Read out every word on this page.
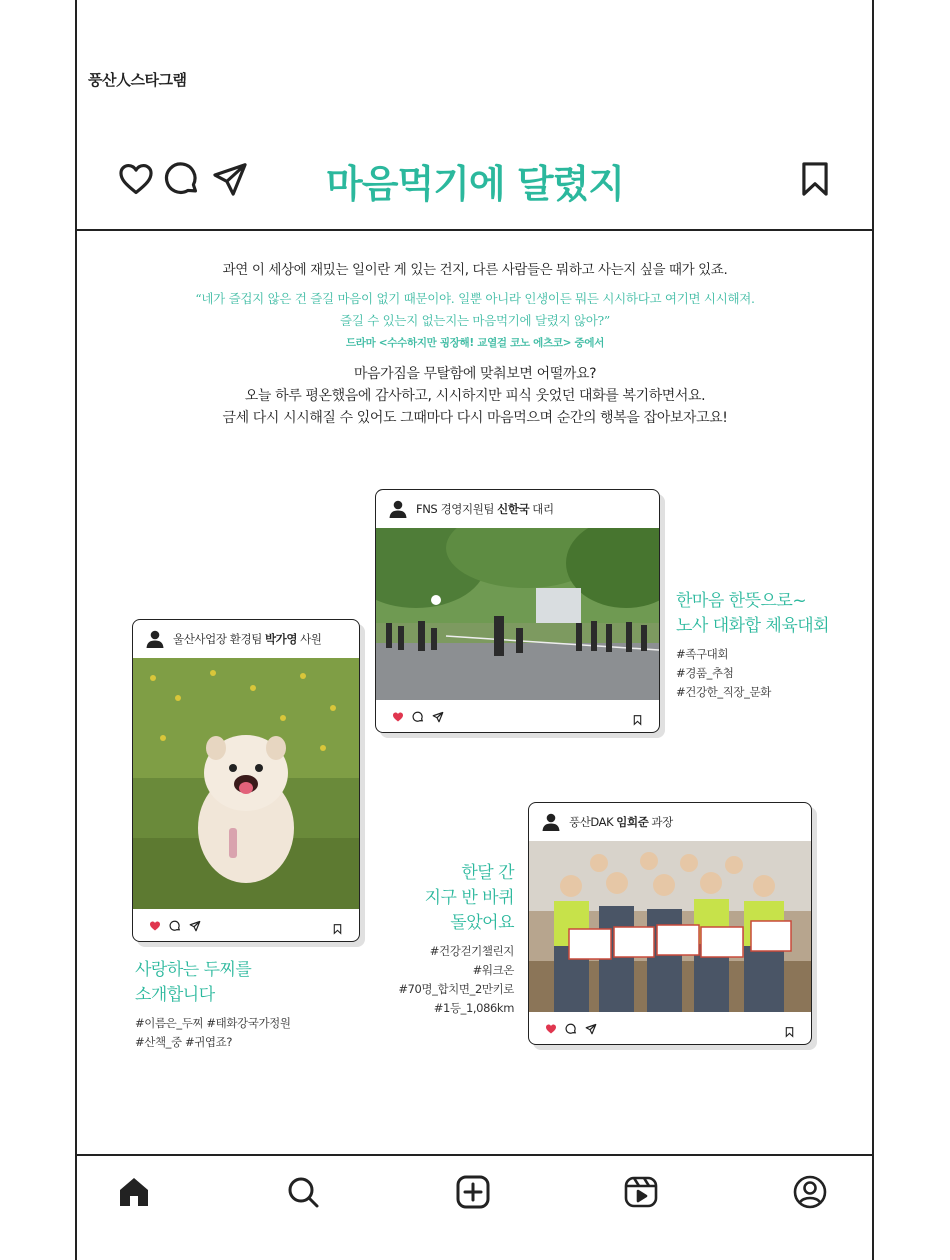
풍산人스타그램
마음먹기에 달렸지
과연 이 세상에 재밌는 일이란 게 있는 건지, 다른 사람들은 뭐하고 사는지 싶을 때가 있죠.
“네가 즐겁지 않은 건 즐길 마음이 없기 때문이야. 일뿐 아니라 인생이든 뭐든 시시하다고 여기면 시시해져.
즐길 수 있는지 없는지는 마음먹기에 달렸지 않아?”
드라마 <수수하지만 굉장해! 교열걸 코노 에츠코> 중에서
마음가짐을 무탈함에 맞춰보면 어떨까요?
오늘 하루 평온했음에 감사하고, 시시하지만 피식 웃었던 대화를 복기하면서요.
금세 다시 시시해질 수 있어도 그때마다 다시 마음먹으며 순간의 행복을 잡아보자고요!
FNS 경영지원팀 신한국 대리
한마음 한뜻으로~
노사 대화합 체육대회
#족구대회
#경품_추첨
#건강한_직장_문화
울산사업장 환경팀 박가영 사원
사랑하는 두찌를
소개합니다
#이름은_두찌 #태화강국가정원
#산책_중 #귀엽죠?
풍산DAK 임희준 과장
한달 간
지구 반 바퀴
돌았어요
#건강걷기챌린지
#워크온
#70명_합치면_2만키로
#1등_1,086km
